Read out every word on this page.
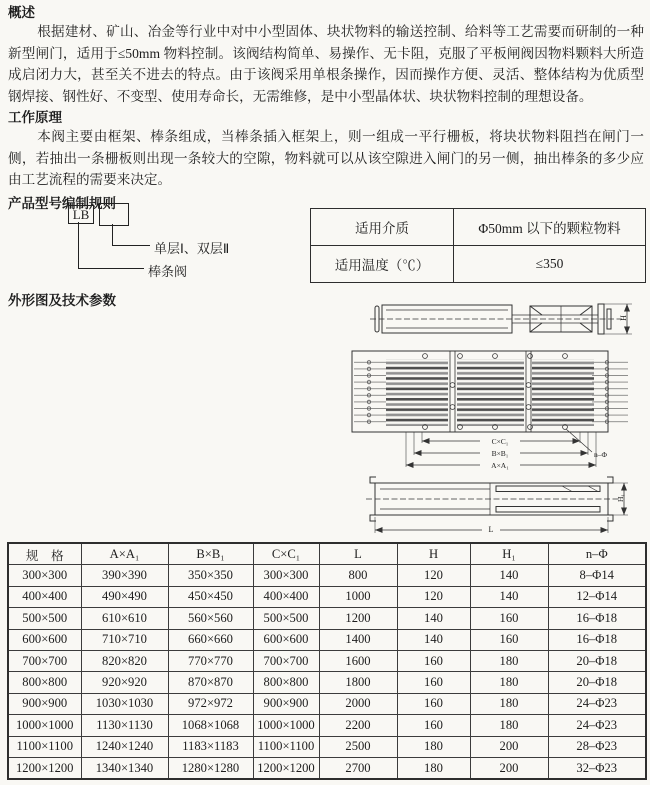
概述

根据建材、矿山、冶金等行业中对中小型固体、块状物料的输送控制、给料等工艺需要而研制的一种新型闸门，适用于≤50mm 物料控制。该阀结构简单、易操作、无卡阻，克服了平板闸阀因物料颗料大所造成启闭力大，甚至关不进去的特点。由于该阀采用单根条操作，因而操作方便、灵活、整体结构为优质型钢焊接、钢性好、不变型、使用寿命长，无需维修，是中小型晶体状、块状物料控制的理想设备。

工作原理

本阀主要由框架、棒条组成，当棒条插入框架上，则一组成一平行栅板，将块状物料阻挡在闸门一侧，若抽出一条栅板则出现一条较大的空隙，物料就可以从该空隙进入闸门的另一侧，抽出棒条的多少应由工艺流程的需要来决定。

产品型号编制规则
LB
单层Ⅰ、双层Ⅱ
棒条阀
适用介质	Φ50mm 以下的颗粒物料
适用温度（℃）	≤350
外形图及技术参数
H
C×C₁
B×B₁
A×A₁
n–Φ
L
H₁
规　格	A×A₁	B×B₁	C×C₁	L	H	H₁	n–Φ
300×300	390×390	350×350	300×300	800	120	140	8–Φ14
400×400	490×490	450×450	400×400	1000	120	140	12–Φ14
500×500	610×610	560×560	500×500	1200	140	160	16–Φ18
600×600	710×710	660×660	600×600	1400	140	160	16–Φ18
700×700	820×820	770×770	700×700	1600	160	180	20–Φ18
800×800	920×920	870×870	800×800	1800	160	180	20–Φ18
900×900	1030×1030	972×972	900×900	2000	160	180	24–Φ23
1000×1000	1130×1130	1068×1068	1000×1000	2200	160	180	24–Φ23
1100×1100	1240×1240	1183×1183	1100×1100	2500	180	200	28–Φ23
1200×1200	1340×1340	1280×1280	1200×1200	2700	180	200	32–Φ23
